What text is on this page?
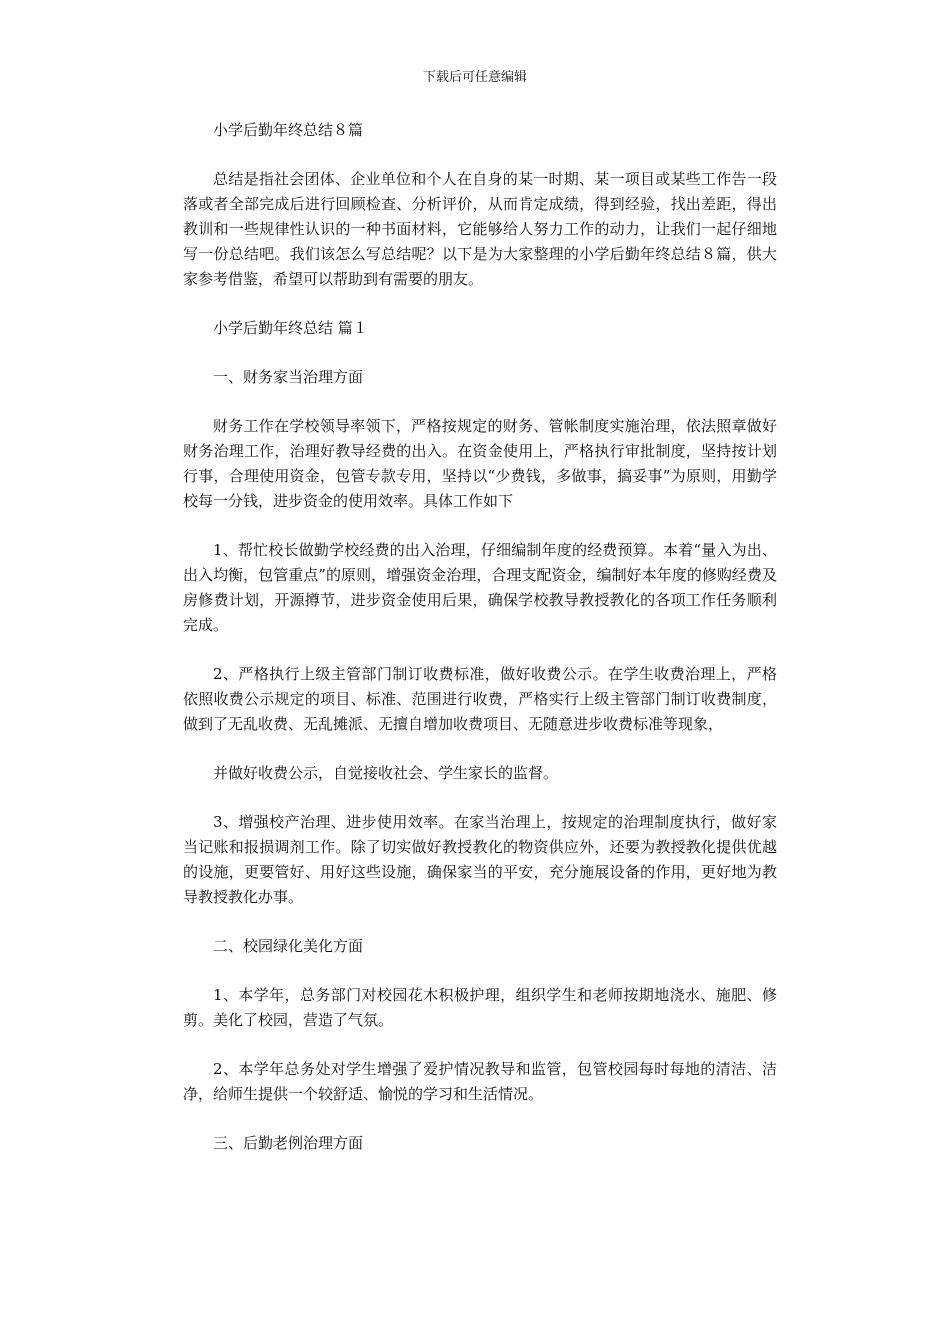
下载后可任意编辑

小学后勤年终总结８篇

总结是指社会团体、企业单位和个人在自身的某一时期、某一项目或某些工作告一段落或者全部完成后进行回顾检查、分析评价，从而肯定成绩，得到经验，找出差距，得出教训和一些规律性认识的一种书面材料，它能够给人努力工作的动力，让我们一起仔细地写一份总结吧。我们该怎么写总结呢？以下是为大家整理的小学后勤年终总结８篇，供大家参考借鉴，希望可以帮助到有需要的朋友。

小学后勤年终总结 篇１

一、财务家当治理方面

财务工作在学校领导率领下，严格按规定的财务、管帐制度实施治理，依法照章做好财务治理工作，治理好教导经费的出入。在资金使用上，严格执行审批制度，坚持按计划行事，合理使用资金，包管专款专用，坚持以“少费钱，多做事，搞妥事”为原则，用勤学校每一分钱，进步资金的使用效率。具体工作如下

1、帮忙校长做勤学校经费的出入治理，仔细编制年度的经费预算。本着“量入为出、出入均衡，包管重点”的原则，增强资金治理，合理支配资金，编制好本年度的修购经费及房修费计划，开源撙节，进步资金使用后果，确保学校教导教授教化的各项工作任务顺利完成。

2、严格执行上级主管部门制订收费标准，做好收费公示。在学生收费治理上，严格依照收费公示规定的项目、标准、范围进行收费，严格实行上级主管部门制订收费制度，做到了无乱收费、无乱摊派、无擅自增加收费项目、无随意进步收费标准等现象，

并做好收费公示，自觉接收社会、学生家长的监督。

3、增强校产治理、进步使用效率。在家当治理上，按规定的治理制度执行，做好家当记账和报损调剂工作。除了切实做好教授教化的物资供应外，还要为教授教化提供优越的设施，更要管好、用好这些设施，确保家当的平安，充分施展设备的作用，更好地为教导教授教化办事。

二、校园绿化美化方面

1、本学年，总务部门对校园花木积极护理，组织学生和老师按期地浇水、施肥、修剪。美化了校园，营造了气氛。

2、本学年总务处对学生增强了爱护情况教导和监管，包管校园每时每地的清洁、洁净，给师生提供一个较舒适、愉悦的学习和生活情况。

三、后勤老例治理方面
